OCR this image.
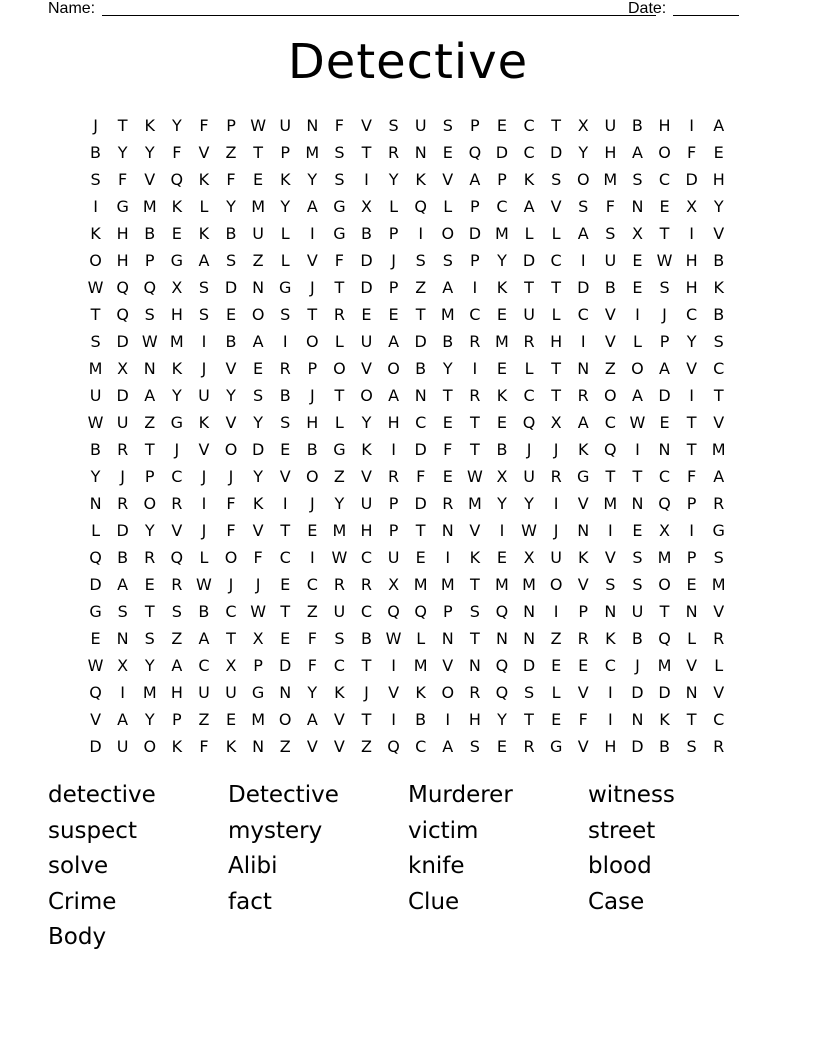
Name:	Date:
Detective
J	T	K	Y	F	P W U N	F	V	S	U	S	P	E	C	T	X U B H	I	A
B	Y	Y	F	V	Z	T	P M S	T	R N	E Q D C D	Y	H A O	F	E
S	F	V Q K	F	E	K	Y	S	I	Y	K	V	A	P	K	S O M S	C D H
I	G M K	L	Y M Y	A G X	L	Q	L	P	C	A	V	S	F	N	E	X	Y
K H B	E	K	B U	L	I	G B	P	I	O D M L	L	A	S	X	T	I	V
O H	P	G A	S	Z	L	V	F	D	J	S	S	P	Y	D C	I	U	E W H B
W Q Q X	S D N G	J	T	D	P	Z	A	I	K	T	T	D B	E	S	H K
T Q S	H	S	E O S	T	R	E	E	T M C	E	U	L	C	V	I	J	C	B
S D W M	I	B	A	I	O	L	U A D B	R M R H	I	V	L	P	Y	S
M X N K	J	V	E	R	P O V O B	Y	I	E	L	T	N Z O A	V	C
U D A	Y	U	Y	S	B	J	T O A N	T	R	K	C	T	R O A D	I	T
W U Z G K	V	Y	S	H	L	Y	H C	E	T	E Q X	A	C W E	T	V
B	R	T	J	V O D E	B G K	I	D	F	T	B	J	J	K Q	I	N	T M
Y	J	P	C	J	J	Y	V O Z	V	R	F	E W X U R G	T	T	C	F	A
N R O R	I	F	K	I	J	Y	U	P	D R M Y	Y	I	V M N Q P	R
L	D	Y	V	J	F	V	T	E M H	P	T	N V	I	W	J	N	I	E	X	I	G
Q B	R Q	L	O	F	C	I	W C U	E	I	K	E	X U K	V	S M P	S
D A	E	R W	J	J	E	C R R	X M M T M M O V	S	S O E M
G S	T	S	B	C W T	Z U C Q Q P	S Q N	I	P	N U	T	N V
E	N	S	Z	A	T	X	E	F	S	B W L	N	T	N N Z	R	K	B Q	L	R
W X	Y	A	C	X	P	D	F	C	T	I	M V N Q D E	E	C	J	M V	L
Q	I	M H U U G N	Y	K	J	V	K O R Q S	L	V	I	D D N V
V	A	Y	P	Z	E M O A	V	T	I	B	I	H	Y	T	E	F	I	N K	T	C
D U O K	F	K N Z	V	V	Z Q C	A	S	E	R G V H D B	S	R
detective	Detective	Murderer	witness
suspect	mystery	victim	street
solve	Alibi	knife	blood
Crime	fact	Clue	Case
Body
